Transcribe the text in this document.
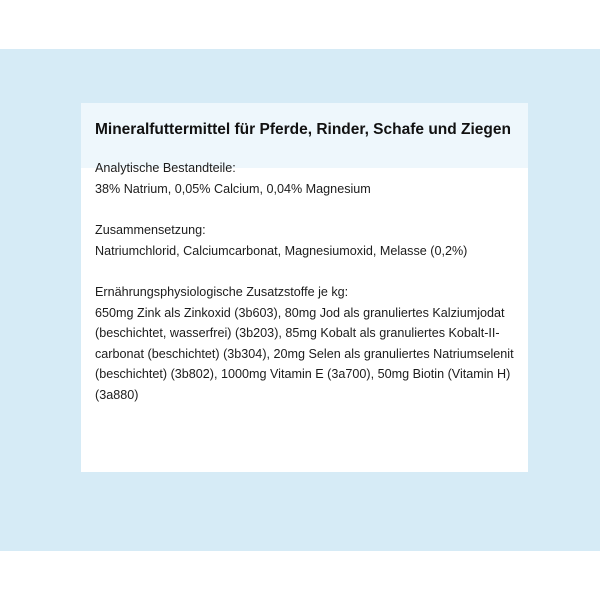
Mineralfuttermittel für Pferde, Rinder, Schafe und Ziegen
Analytische Bestandteile:
38% Natrium, 0,05% Calcium, 0,04% Magnesium
Zusammensetzung:
Natriumchlorid, Calciumcarbonat, Magnesiumoxid, Melasse (0,2%)
Ernährungsphysiologische Zusatzstoffe je kg:
650mg Zink als Zinkoxid (3b603), 80mg Jod als granuliertes Kalziumjodat (beschichtet, wasserfrei) (3b203), 85mg Kobalt als granuliertes Kobalt-II-carbonat (beschichtet) (3b304), 20mg Selen als granuliertes Natriumselenit (beschichtet) (3b802), 1000mg Vitamin E (3a700), 50mg Biotin (Vitamin H) (3a880)
